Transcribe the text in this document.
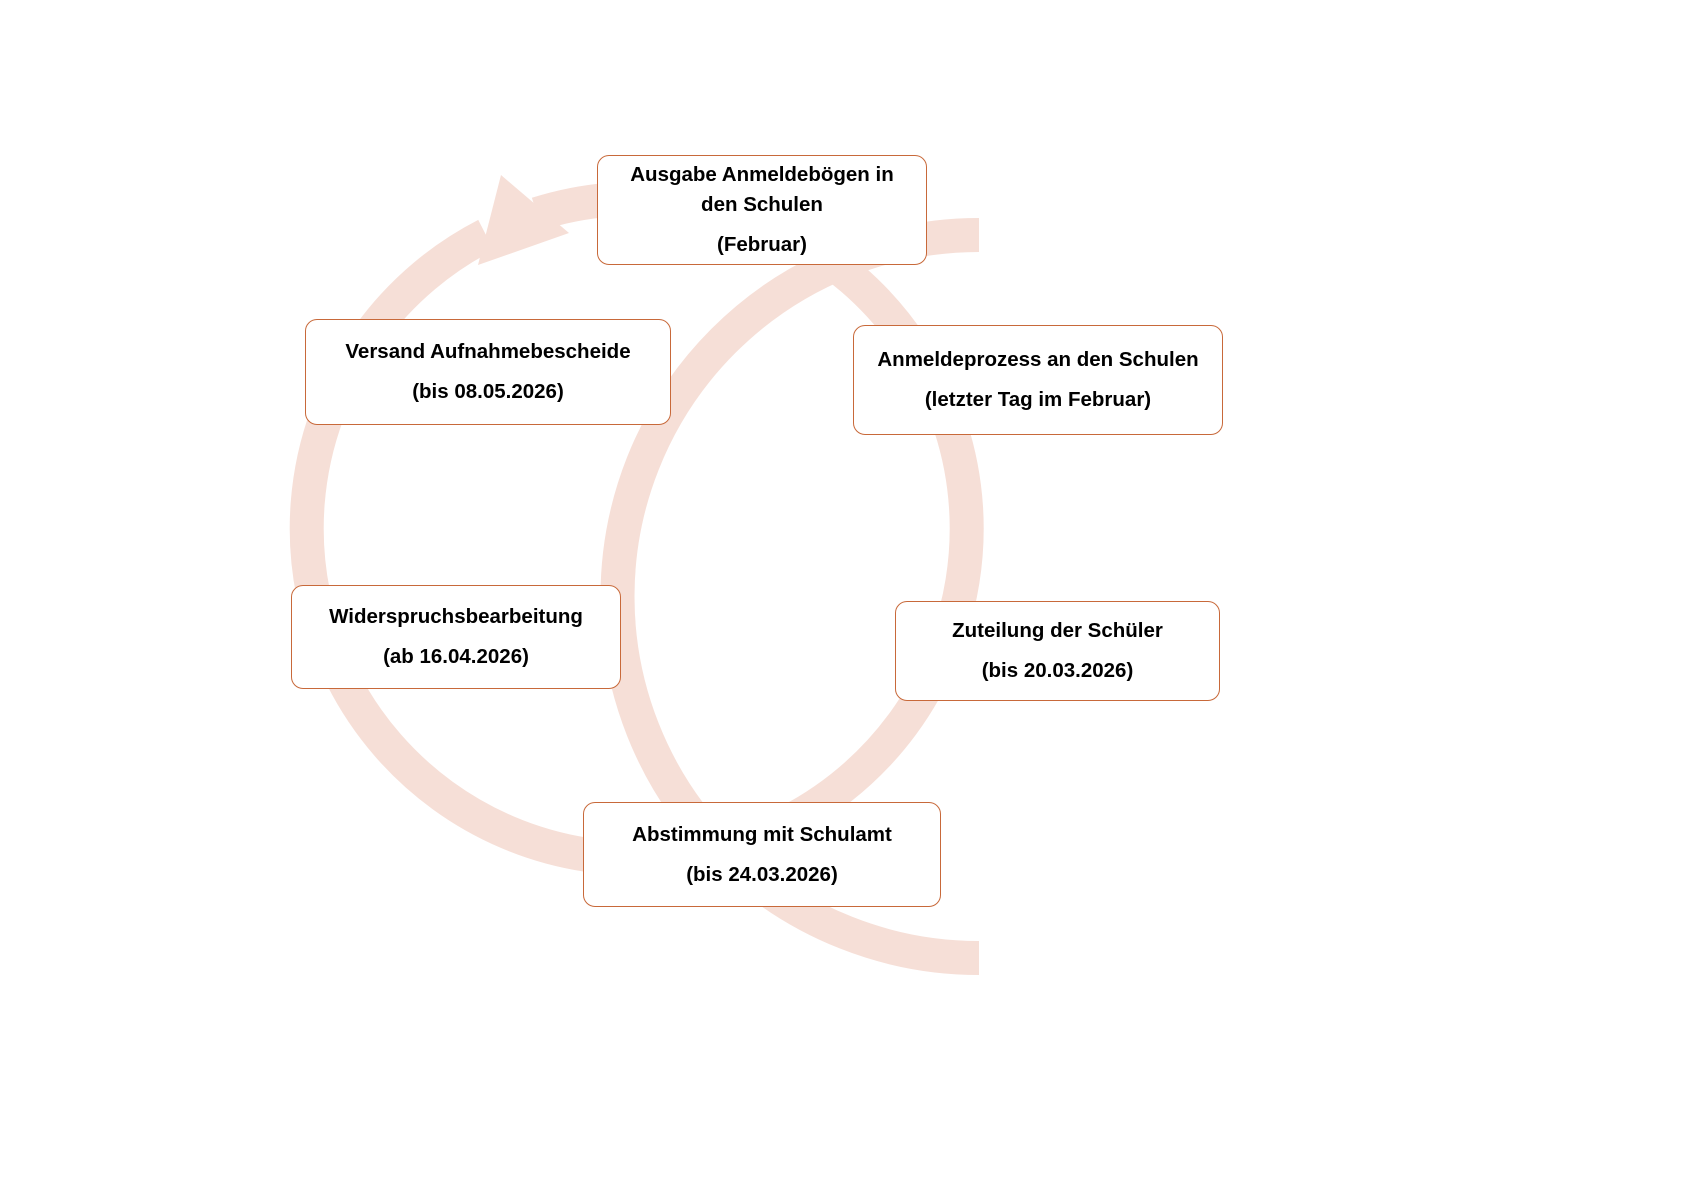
Ausgabe Anmeldebögen in den Schulen
(Februar)
Anmeldeprozess an den Schulen
(letzter Tag im Februar)
Zuteilung der Schüler
(bis 20.03.2026)
Abstimmung mit Schulamt
(bis 24.03.2026)
Widerspruchsbearbeitung
(ab 16.04.2026)
Versand Aufnahmebescheide
(bis 08.05.2026)
